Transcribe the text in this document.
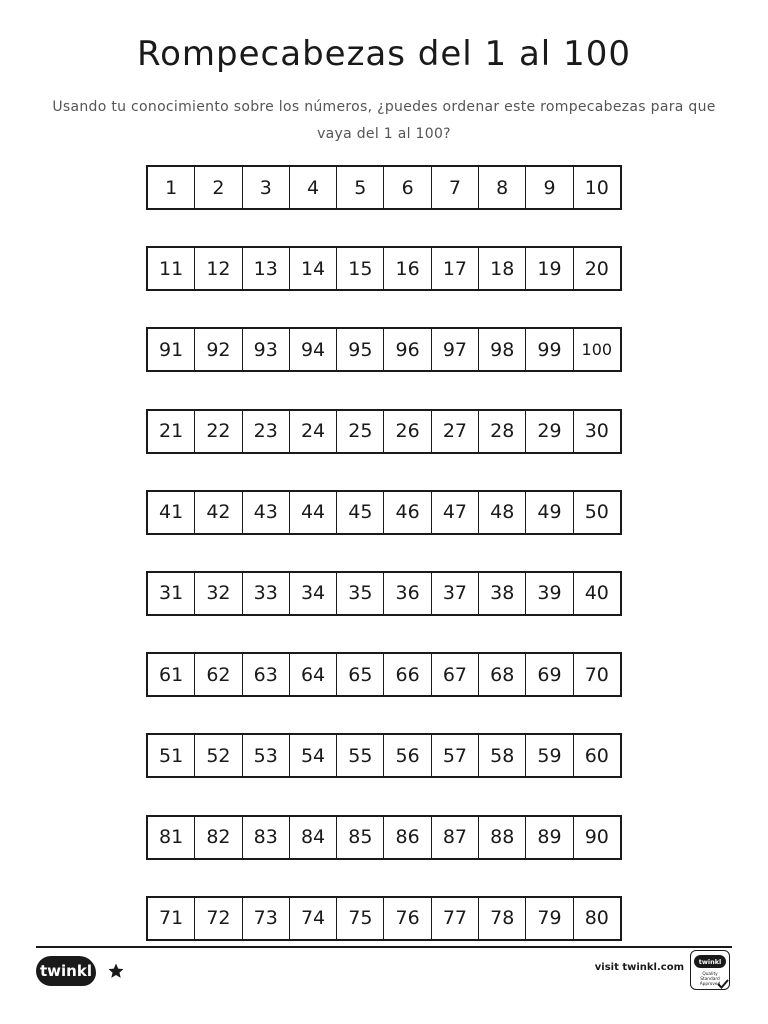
Rompecabezas del 1 al 100

Usando tu conocimiento sobre los números, ¿puedes ordenar este rompecabezas para que vaya del 1 al 100?

1	2	3	4	5	6	7	8	9	10
11	12	13	14	15	16	17	18	19	20
91	92	93	94	95	96	97	98	99	100
21	22	23	24	25	26	27	28	29	30
41	42	43	44	45	46	47	48	49	50
31	32	33	34	35	36	37	38	39	40
61	62	63	64	65	66	67	68	69	70
51	52	53	54	55	56	57	58	59	60
81	82	83	84	85	86	87	88	89	90
71	72	73	74	75	76	77	78	79	80
twinkl	visit twinkl.com
twinkl
Quality Standard Approved
